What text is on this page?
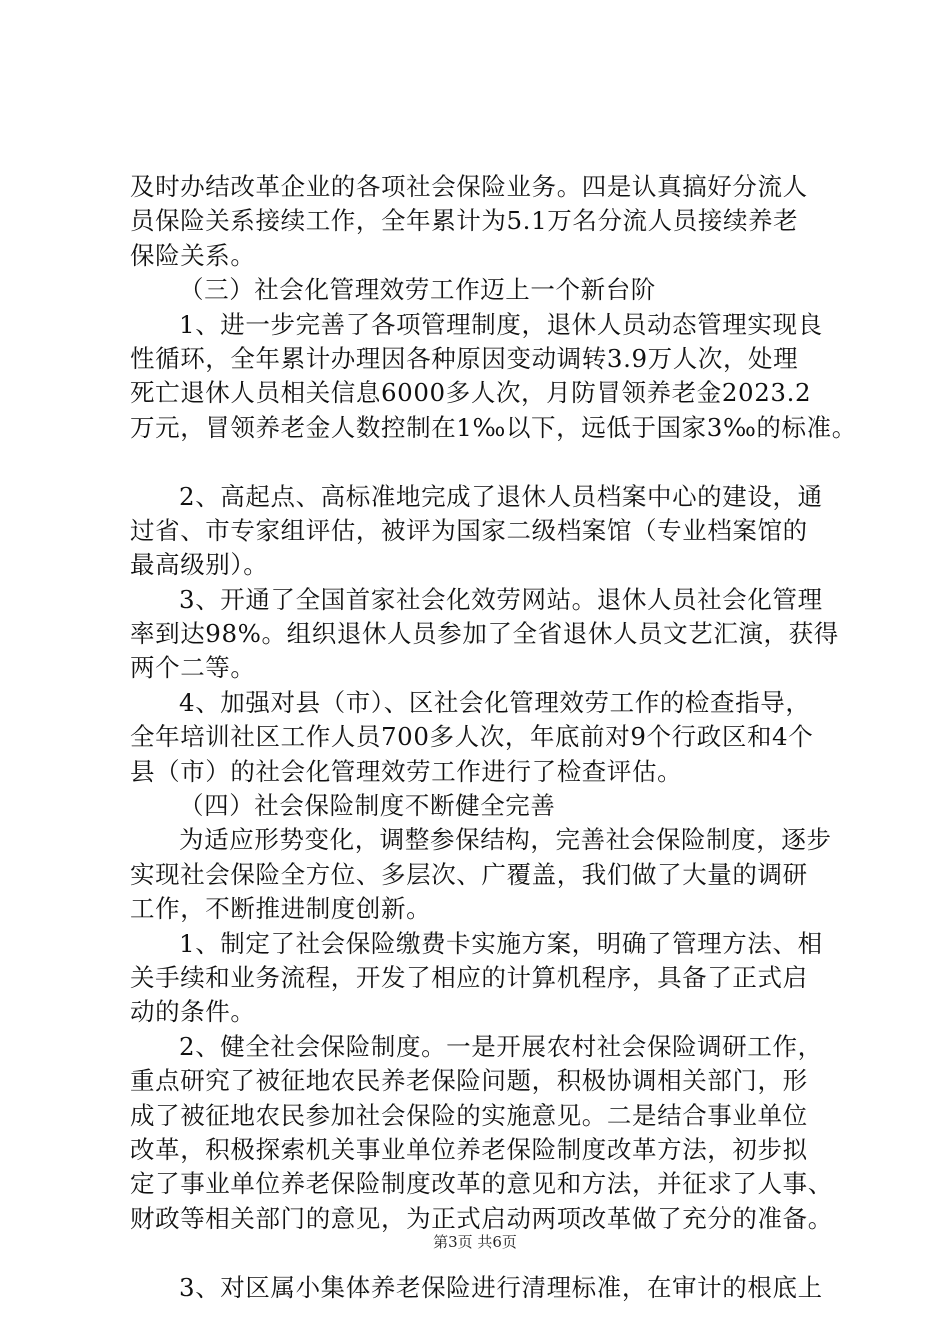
及时办结改革企业的各项社会保险业务。四是认真搞好分流人
员保险关系接续工作，全年累计为5.1万名分流人员接续养老
保险关系。
（三）社会化管理效劳工作迈上一个新台阶
1、进一步完善了各项管理制度，退休人员动态管理实现良
性循环，全年累计办理因各种原因变动调转3.9万人次，处理
死亡退休人员相关信息6000多人次，月防冒领养老金2023.2
万元，冒领养老金人数控制在1‰以下，远低于国家3‰的标准。
2、高起点、高标准地完成了退休人员档案中心的建设，通
过省、市专家组评估，被评为国家二级档案馆（专业档案馆的
最高级别）。
3、开通了全国首家社会化效劳网站。退休人员社会化管理
率到达98%。组织退休人员参加了全省退休人员文艺汇演，获得
两个二等。
4、加强对县（市）、区社会化管理效劳工作的检查指导，
全年培训社区工作人员700多人次，年底前对9个行政区和4个
县（市）的社会化管理效劳工作进行了检查评估。
（四）社会保险制度不断健全完善
为适应形势变化，调整参保结构，完善社会保险制度，逐步
实现社会保险全方位、多层次、广覆盖，我们做了大量的调研
工作，不断推进制度创新。
1、制定了社会保险缴费卡实施方案，明确了管理方法、相
关手续和业务流程，开发了相应的计算机程序，具备了正式启
动的条件。
2、健全社会保险制度。一是开展农村社会保险调研工作，
重点研究了被征地农民养老保险问题，积极协调相关部门，形
成了被征地农民参加社会保险的实施意见。二是结合事业单位
改革，积极探索机关事业单位养老保险制度改革方法，初步拟
定了事业单位养老保险制度改革的意见和方法，并征求了人事、
财政等相关部门的意见，为正式启动两项改革做了充分的准备。
3、对区属小集体养老保险进行清理标准，在审计的根底上
第3页 共6页
